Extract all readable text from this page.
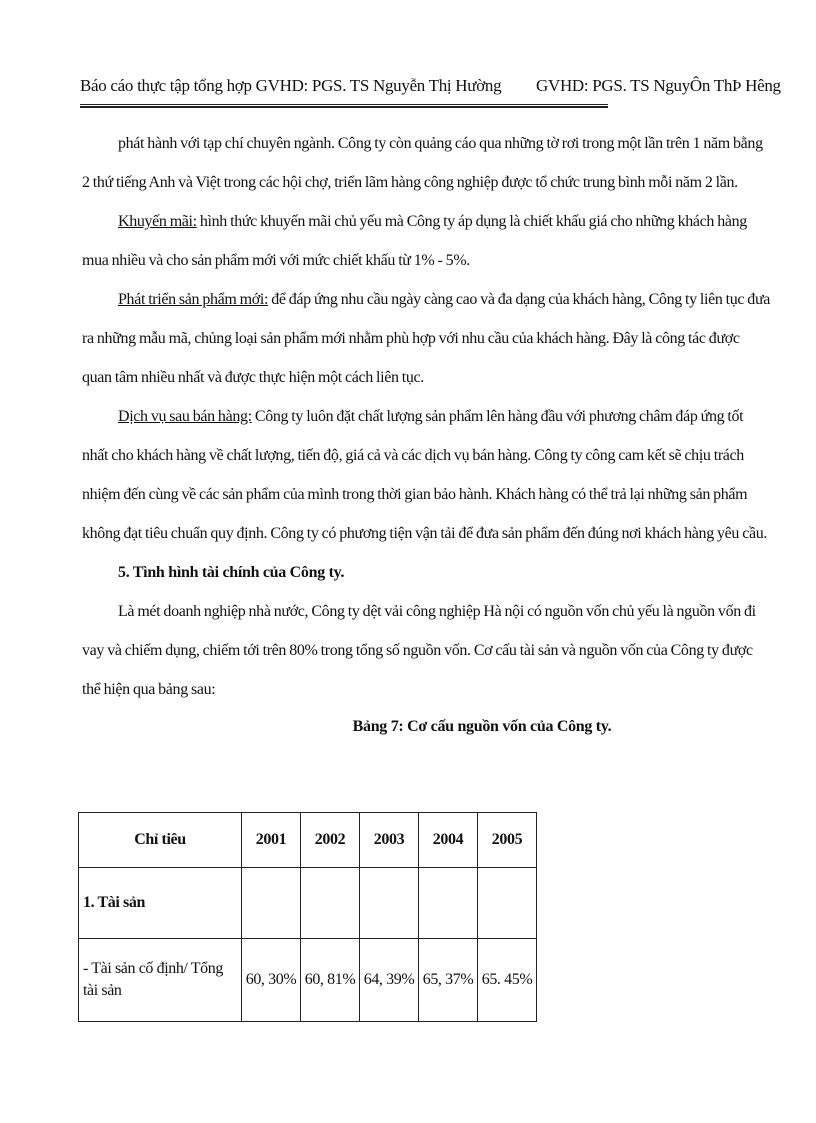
Báo cáo thực tập tổng hợp GVHD: PGS. TS Nguyễn Thị Hường GVHD: PGS. TS NguyÔn ThÞ Hêng

phát hành với tạp chí chuyên ngành. Công ty còn quảng cáo qua những tờ rơi trong một lần trên 1 năm bằng 2 thứ tiếng Anh và Việt trong các hội chợ, triển lãm hàng công nghiệp được tổ chức trung bình mỗi năm 2 lần.

Khuyến mãi: hình thức khuyến mãi chủ yếu mà Công ty áp dụng là chiết khấu giá cho những khách hàng mua nhiều và cho sản phẩm mới với mức chiết khấu từ 1% - 5%.

Phát triển sản phẩm mới: để đáp ứng nhu cầu ngày càng cao và đa dạng của khách hàng, Công ty liên tục đưa ra những mẫu mã, chủng loại sản phẩm mới nhằm phù hợp với nhu cầu của khách hàng. Đây là công tác được quan tâm nhiều nhất và được thực hiện một cách liên tục.

Dịch vụ sau bán hàng: Công ty luôn đặt chất lượng sản phẩm lên hàng đầu với phương châm đáp ứng tốt nhất cho khách hàng về chất lượng, tiến độ, giá cả và các dịch vụ bán hàng. Công ty công cam kết sẽ chịu trách nhiệm đến cùng về các sản phẩm của mình trong thời gian bảo hành. Khách hàng có thể trả lại những sản phẩm không đạt tiêu chuẩn quy định. Công ty có phương tiện vận tải để đưa sản phẩm đến đúng nơi khách hàng yêu cầu.

5. Tình hình tài chính của Công ty.

Là mét doanh nghiệp nhà nước, Công ty dệt vải công nghiệp Hà nội có nguồn vốn chủ yếu là nguồn vốn đi vay và chiếm dụng, chiếm tới trên 80% trong tổng số nguồn vốn. Cơ cấu tài sản và nguồn vốn của Công ty được thể hiện qua bảng sau:

Bảng 7: Cơ cấu nguồn vốn của Công ty.

Chỉ tiêu	2001	2002	2003	2004	2005
1. Tài sản					
- Tài sản cố định/ Tổng tài sản	60, 30%	60, 81%	64, 39%	65, 37%	65. 45%
